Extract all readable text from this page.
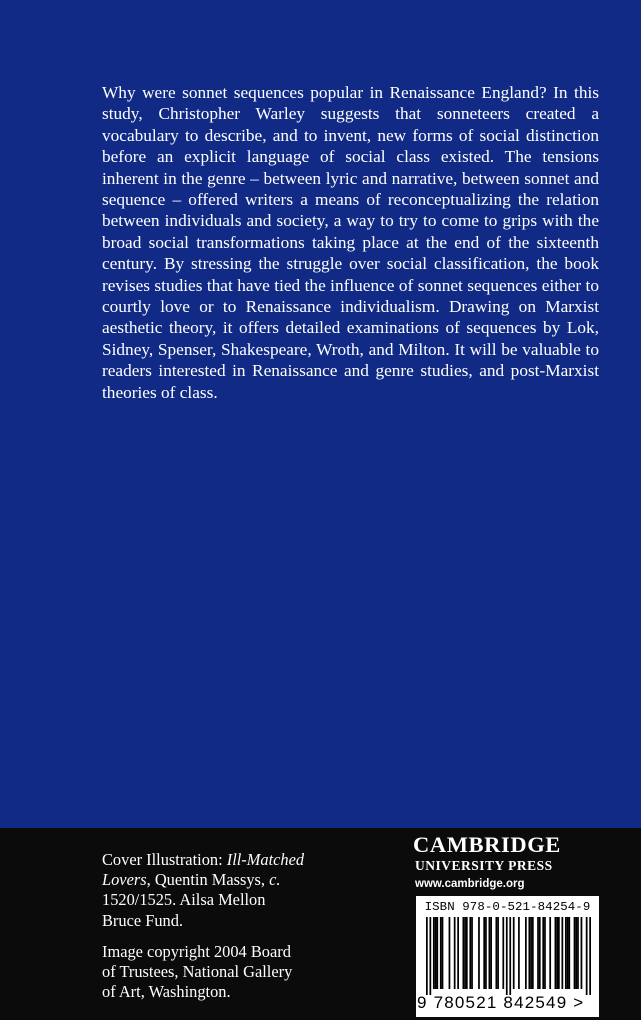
Why were sonnet sequences popular in Renaissance England? In this study, Christopher Warley suggests that sonneteers created a vocabulary to describe, and to invent, new forms of social distinction before an explicit language of social class existed. The tensions inherent in the genre – between lyric and narrative, between sonnet and sequence – offered writers a means of reconceptualizing the relation between individuals and society, a way to try to come to grips with the broad social transformations taking place at the end of the sixteenth century. By stressing the struggle over social classification, the book revises studies that have tied the influence of sonnet sequences either to courtly love or to Renaissance individualism. Drawing on Marxist aesthetic theory, it offers detailed examinations of sequences by Lok, Sidney, Spenser, Shakespeare, Wroth, and Milton. It will be valuable to readers interested in Renaissance and genre studies, and post-Marxist theories of class.

Cover Illustration: Ill-Matched Lovers, Quentin Massys, c. 1520/1525. Ailsa Mellon Bruce Fund.

Image copyright 2004 Board of Trustees, National Gallery of Art, Washington.

CAMBRIDGE
UNIVERSITY PRESS
www.cambridge.org
ISBN 978-0-521-84254-9
9 780521 842549 >
